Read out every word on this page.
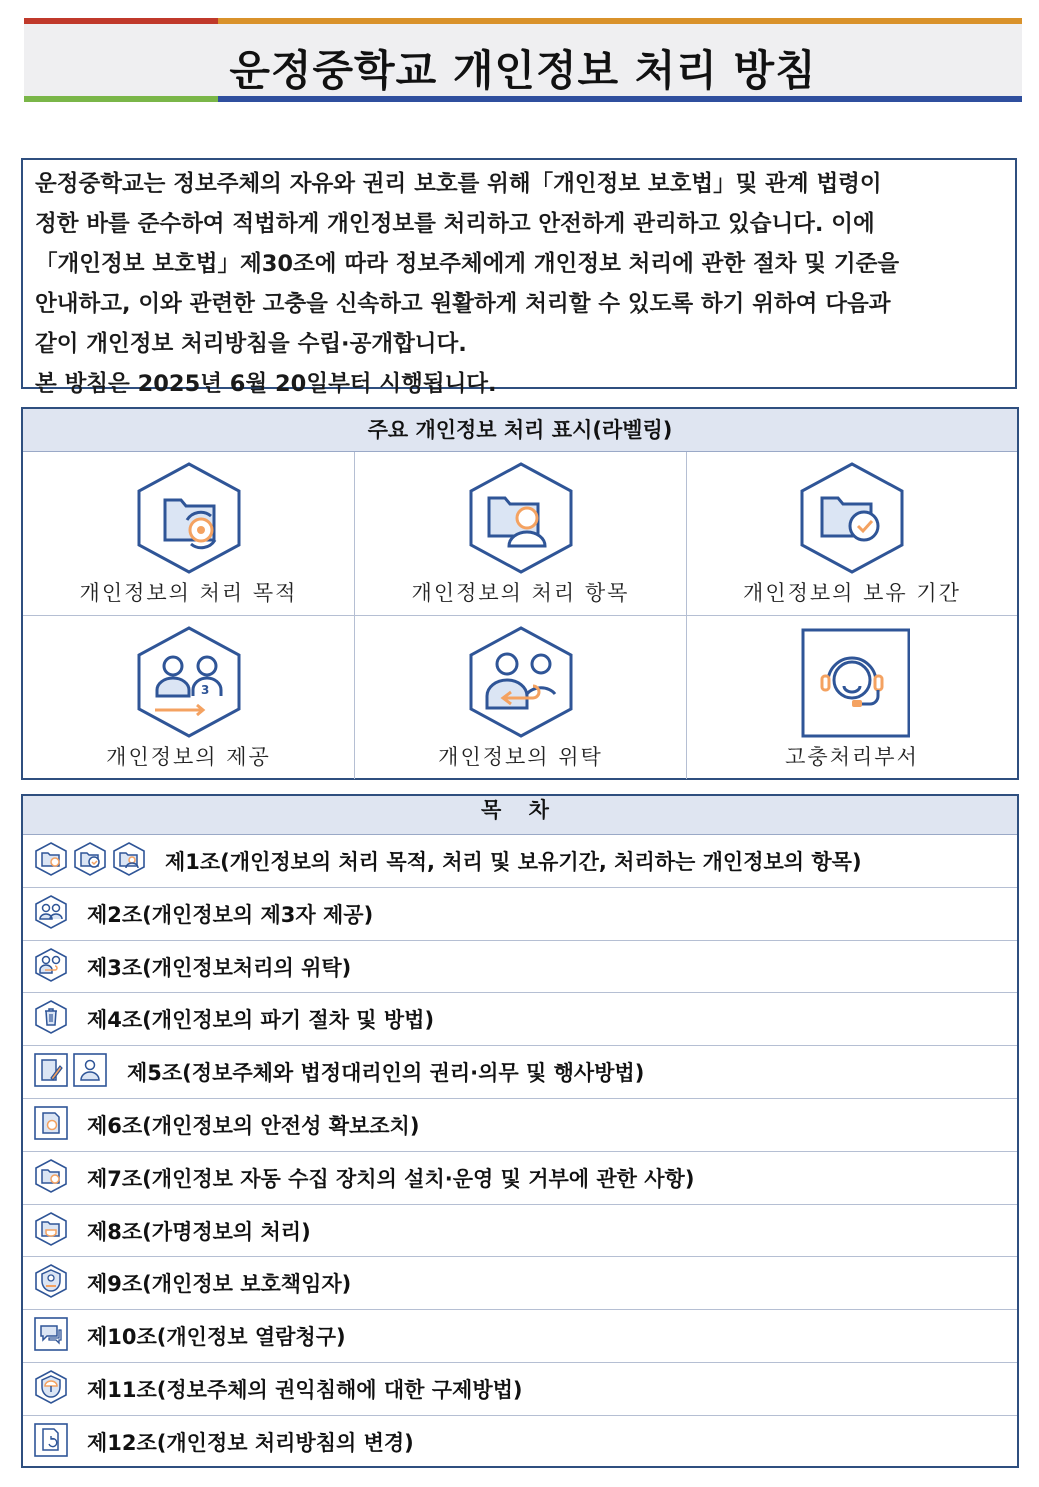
운정중학교 개인정보 처리 방침

운정중학교는 정보주체의 자유와 권리 보호를 위해「개인정보 보호법」및 관계 법령이

정한 바를 준수하여 적법하게 개인정보를 처리하고 안전하게 관리하고 있습니다. 이에

「개인정보 보호법」제30조에 따라 정보주체에게 개인정보 처리에 관한 절차 및 기준을

안내하고, 이와 관련한 고충을 신속하고 원활하게 처리할 수 있도록 하기 위하여 다음과

같이 개인정보 처리방침을 수립·공개합니다.

본 방침은 2025년 6월 20일부터 시행됩니다.

주요 개인정보 처리 표시(라벨링)
개인정보의 처리 목적	개인정보의 처리 항목	개인정보의 보유 기간
3
개인정보의 제공	개인정보의 위탁	고충처리부서
목 차
제1조(개인정보의 처리 목적, 처리 및 보유기간, 처리하는 개인정보의 항목)
제2조(개인정보의 제3자 제공)
제3조(개인정보처리의 위탁)
제4조(개인정보의 파기 절차 및 방법)
제5조(정보주체와 법정대리인의 권리·의무 및 행사방법)
제6조(개인정보의 안전성 확보조치)
제7조(개인정보 자동 수집 장치의 설치·운영 및 거부에 관한 사항)
제8조(가명정보의 처리)
제9조(개인정보 보호책임자)
제10조(개인정보 열람청구)
제11조(정보주체의 권익침해에 대한 구제방법)
제12조(개인정보 처리방침의 변경)
